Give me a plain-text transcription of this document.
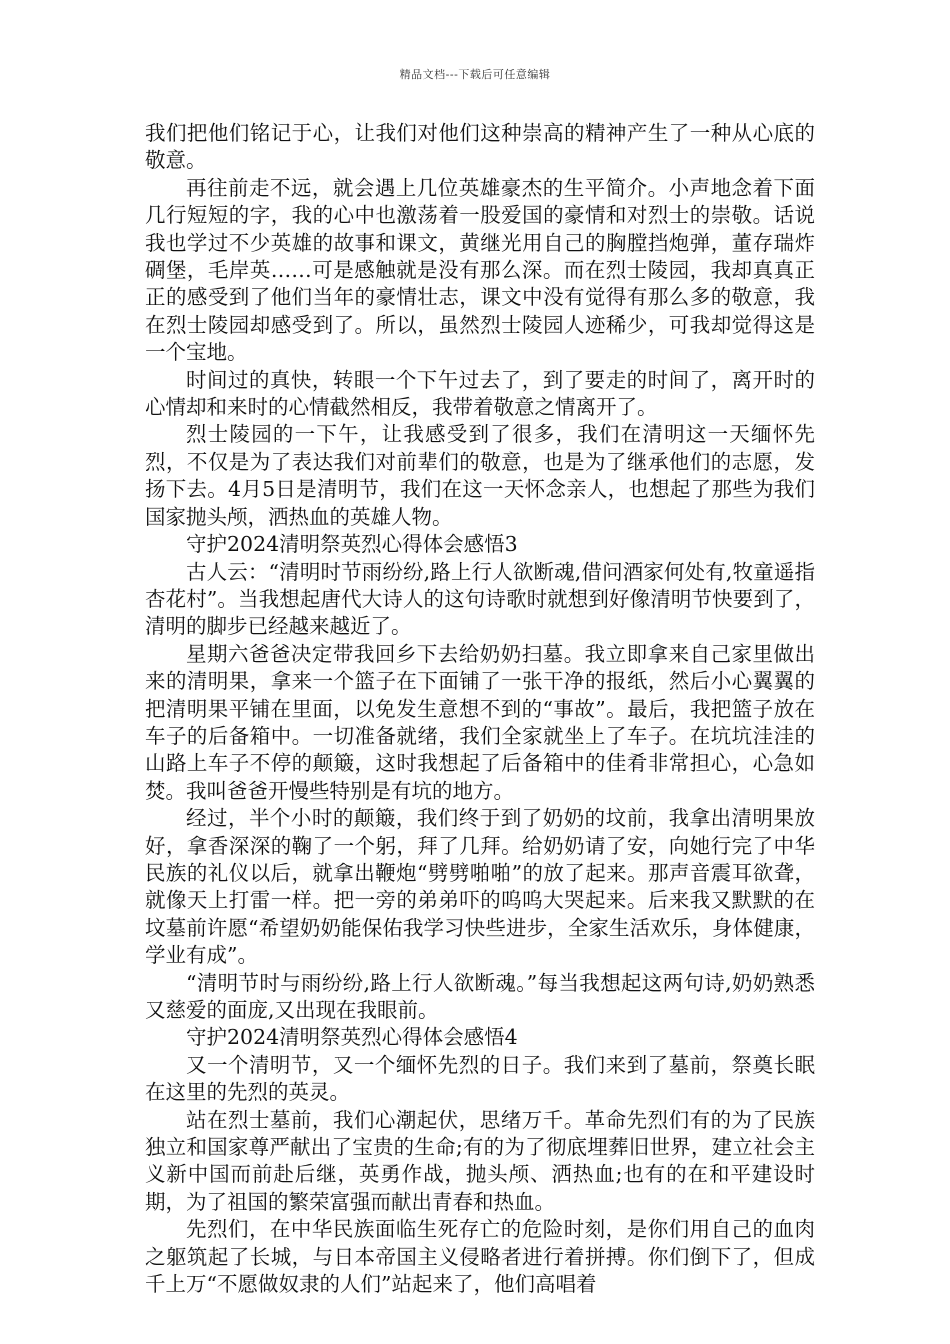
精品文档---下载后可任意编辑

我们把他们铭记于心，让我们对他们这种崇高的精神产生了一种从心底的敬意。

再往前走不远，就会遇上几位英雄豪杰的生平简介。小声地念着下面几行短短的字，我的心中也激荡着一股爱国的豪情和对烈士的崇敬。话说我也学过不少英雄的故事和课文，黄继光用自己的胸膛挡炮弹，董存瑞炸碉堡，毛岸英……可是感触就是没有那么深。而在烈士陵园，我却真真正正的感受到了他们当年的豪情壮志，课文中没有觉得有那么多的敬意，我在烈士陵园却感受到了。所以，虽然烈士陵园人迹稀少，可我却觉得这是一个宝地。

时间过的真快，转眼一个下午过去了，到了要走的时间了，离开时的心情却和来时的心情截然相反，我带着敬意之情离开了。

烈士陵园的一下午，让我感受到了很多，我们在清明这一天缅怀先烈，不仅是为了表达我们对前辈们的敬意，也是为了继承他们的志愿，发扬下去。4月5日是清明节，我们在这一天怀念亲人，也想起了那些为我们国家抛头颅，洒热血的英雄人物。

守护2024清明祭英烈心得体会感悟3

古人云：“清明时节雨纷纷,路上行人欲断魂,借问酒家何处有,牧童遥指杏花村”。当我想起唐代大诗人的这句诗歌时就想到好像清明节快要到了，清明的脚步已经越来越近了。

星期六爸爸决定带我回乡下去给奶奶扫墓。我立即拿来自己家里做出来的清明果，拿来一个篮子在下面铺了一张干净的报纸，然后小心翼翼的把清明果平铺在里面，以免发生意想不到的“事故”。最后，我把篮子放在车子的后备箱中。一切准备就绪，我们全家就坐上了车子。在坑坑洼洼的山路上车子不停的颠簸，这时我想起了后备箱中的佳肴非常担心，心急如焚。我叫爸爸开慢些特别是有坑的地方。

经过，半个小时的颠簸，我们终于到了奶奶的坟前，我拿出清明果放好，拿香深深的鞠了一个躬，拜了几拜。给奶奶请了安，向她行完了中华民族的礼仪以后，就拿出鞭炮“劈劈啪啪”的放了起来。那声音震耳欲聋，就像天上打雷一样。把一旁的弟弟吓的呜呜大哭起来。后来我又默默的在坟墓前许愿“希望奶奶能保佑我学习快些进步，全家生活欢乐，身体健康，学业有成”。

“清明节时与雨纷纷,路上行人欲断魂。”每当我想起这两句诗,奶奶熟悉又慈爱的面庞,又出现在我眼前。

守护2024清明祭英烈心得体会感悟4

又一个清明节，又一个缅怀先烈的日子。我们来到了墓前，祭奠长眠在这里的先烈的英灵。

站在烈士墓前，我们心潮起伏，思绪万千。革命先烈们有的为了民族独立和国家尊严献出了宝贵的生命;有的为了彻底埋葬旧世界，建立社会主义新中国而前赴后继，英勇作战，抛头颅、洒热血;也有的在和平建设时期，为了祖国的繁荣富强而献出青春和热血。

先烈们，在中华民族面临生死存亡的危险时刻，是你们用自己的血肉之躯筑起了长城，与日本帝国主义侵略者进行着拼搏。你们倒下了，但成千上万“不愿做奴隶的人们”站起来了，他们高唱着
